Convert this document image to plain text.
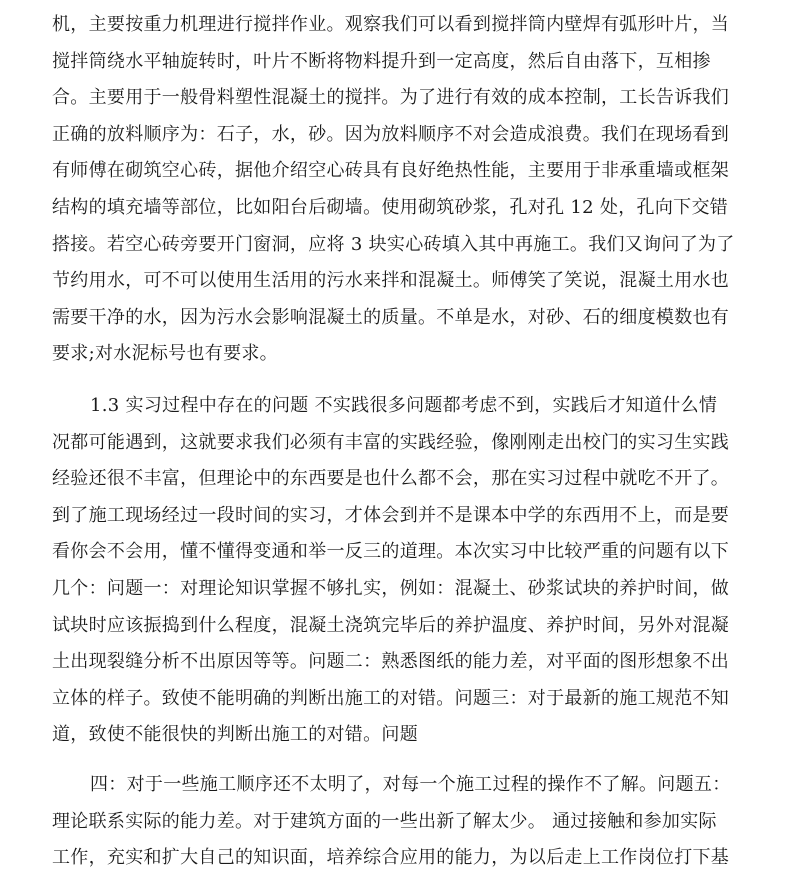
机，主要按重力机理进行搅拌作业。观察我们可以看到搅拌筒内壁焊有弧形叶片，当
搅拌筒绕水平轴旋转时，叶片不断将物料提升到一定高度，然后自由落下，互相掺
合。主要用于一般骨料塑性混凝土的搅拌。为了进行有效的成本控制，工长告诉我们
正确的放料顺序为：石子，水，砂。因为放料顺序不对会造成浪费。我们在现场看到
有师傅在砌筑空心砖，据他介绍空心砖具有良好绝热性能，主要用于非承重墙或框架
结构的填充墙等部位，比如阳台后砌墙。使用砌筑砂浆，孔对孔 12 处，孔向下交错
搭接。若空心砖旁要开门窗洞，应将 3 块实心砖填入其中再施工。我们又询问了为了
节约用水，可不可以使用生活用的污水来拌和混凝土。师傅笑了笑说，混凝土用水也
需要干净的水，因为污水会影响混凝土的质量。不单是水，对砂、石的细度模数也有
要求;对水泥标号也有要求。
1.3 实习过程中存在的问题 不实践很多问题都考虑不到，实践后才知道什么情
况都可能遇到，这就要求我们必须有丰富的实践经验，像刚刚走出校门的实习生实践
经验还很不丰富，但理论中的东西要是也什么都不会，那在实习过程中就吃不开了。
到了施工现场经过一段时间的实习，才体会到并不是课本中学的东西用不上，而是要
看你会不会用，懂不懂得变通和举一反三的道理。本次实习中比较严重的问题有以下
几个：问题一：对理论知识掌握不够扎实，例如：混凝土、砂浆试块的养护时间，做
试块时应该振捣到什么程度，混凝土浇筑完毕后的养护温度、养护时间，另外对混凝
土出现裂缝分析不出原因等等。问题二：熟悉图纸的能力差，对平面的图形想象不出
立体的样子。致使不能明确的判断出施工的对错。问题三：对于最新的施工规范不知
道，致使不能很快的判断出施工的对错。问题
四：对于一些施工顺序还不太明了，对每一个施工过程的操作不了解。问题五：
理论联系实际的能力差。对于建筑方面的一些出新了解太少。 通过接触和参加实际
工作，充实和扩大自己的知识面，培养综合应用的能力，为以后走上工作岗位打下基
